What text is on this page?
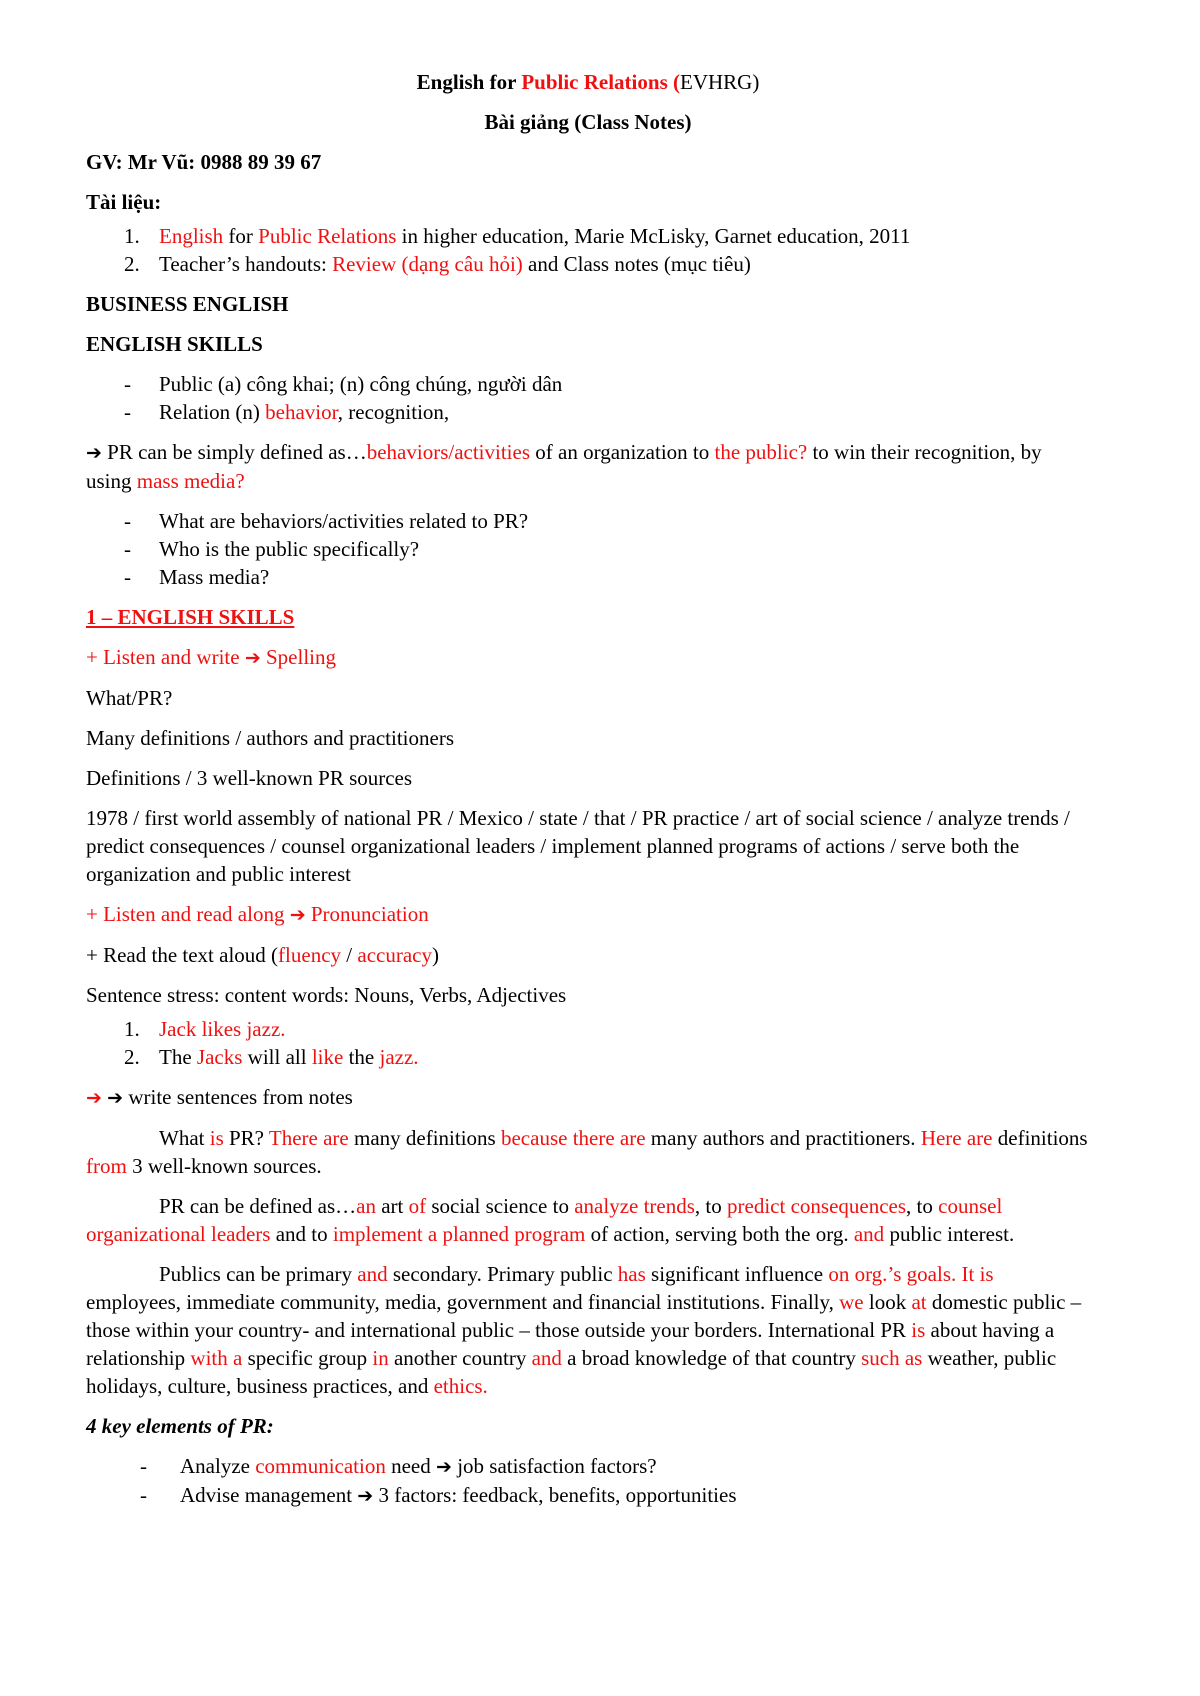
English for Public Relations (EVHRG)

Bài giảng (Class Notes)

GV: Mr Vũ: 0988 89 39 67

Tài liệu:

1. English for Public Relations in higher education, Marie McLisky, Garnet education, 2011
2. Teacher’s handouts: Review (dạng câu hỏi) and Class notes (mục tiêu)

BUSINESS ENGLISH

ENGLISH SKILLS

- Public (a) công khai; (n) công chúng, người dân
- Relation (n) behavior, recognition,

➔ PR can be simply defined as…behaviors/activities of an organization to the public? to win their recognition, by using mass media?

- What are behaviors/activities related to PR?
- Who is the public specifically?
- Mass media?

1 – ENGLISH SKILLS

+ Listen and write ➔ Spelling

What/PR?

Many definitions / authors and practitioners

Definitions / 3 well-known PR sources

1978 / first world assembly of national PR / Mexico / state / that / PR practice / art of social science / analyze trends / predict consequences / counsel organizational leaders / implement planned programs of actions / serve both the organization and public interest

+ Listen and read along ➔ Pronunciation

+ Read the text aloud (fluency / accuracy)

Sentence stress: content words: Nouns, Verbs, Adjectives

1. Jack likes jazz.
2. The Jacks will all like the jazz.

➔ ➔ write sentences from notes

What is PR? There are many definitions because there are many authors and practitioners. Here are definitions from 3 well-known sources.

PR can be defined as…an art of social science to analyze trends, to predict consequences, to counsel organizational leaders and to implement a planned program of action, serving both the org. and public interest.

Publics can be primary and secondary. Primary public has significant influence on org.’s goals. It is employees, immediate community, media, government and financial institutions. Finally, we look at domestic public – those within your country- and international public – those outside your borders. International PR is about having a relationship with a specific group in another country and a broad knowledge of that country such as weather, public holidays, culture, business practices, and ethics.

4 key elements of PR:

- Analyze communication need ➔ job satisfaction factors?
- Advise management ➔ 3 factors: feedback, benefits, opportunities
